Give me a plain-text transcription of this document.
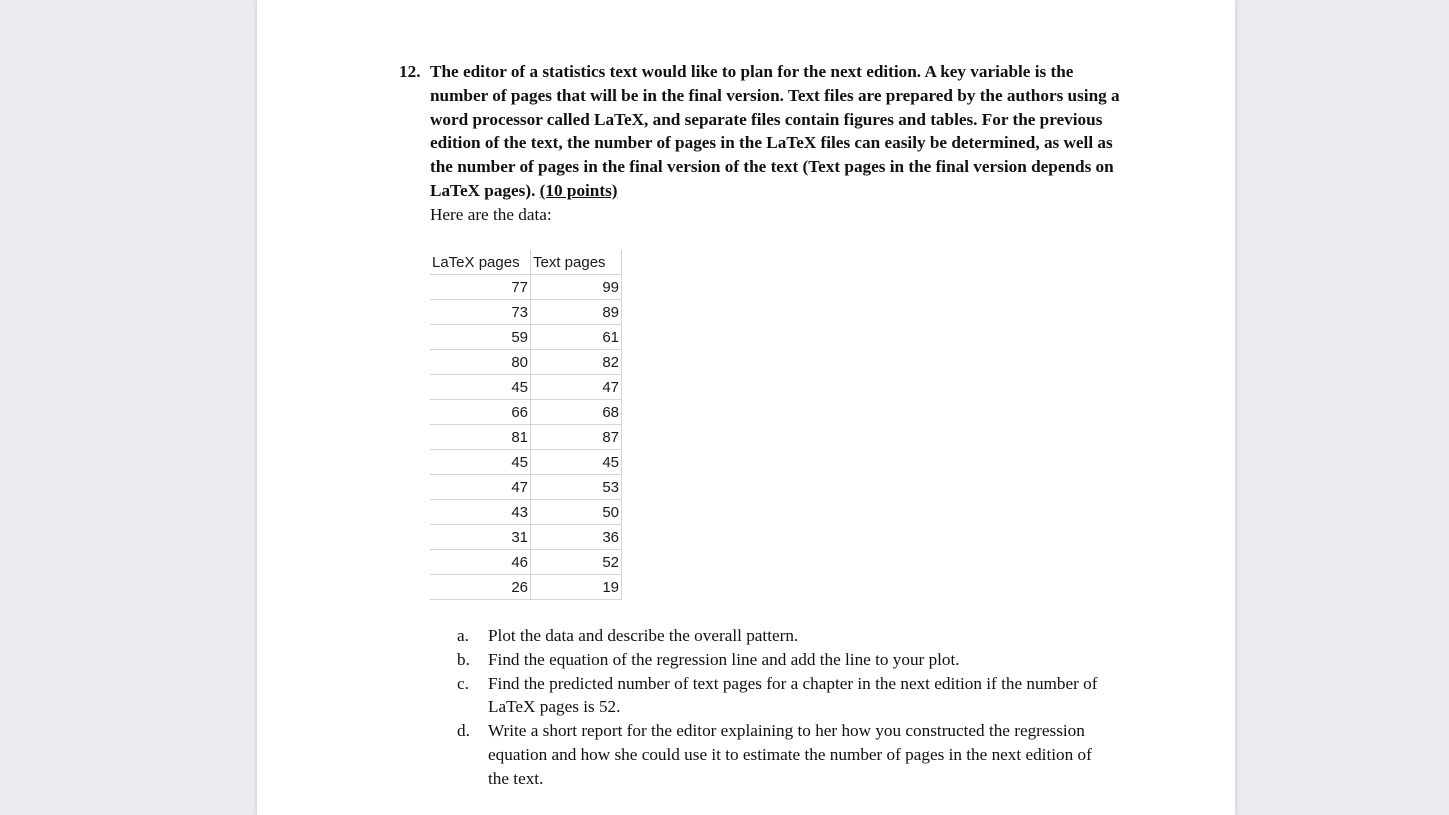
12. The editor of a statistics text would like to plan for the next edition. A key variable is the number of pages that will be in the final version. Text files are prepared by the authors using a word processor called LaTeX, and separate files contain figures and tables. For the previous edition of the text, the number of pages in the LaTeX files can easily be determined, as well as the number of pages in the final version of the text (Text pages in the final version depends on LaTeX pages). (10 points)
Here are the data:
LaTeX pages	Text pages
77	99
73	89
59	61
80	82
45	47
66	68
81	87
45	45
47	53
43	50
31	36
46	52
26	19
a. Plot the data and describe the overall pattern.
b. Find the equation of the regression line and add the line to your plot.
c. Find the predicted number of text pages for a chapter in the next edition if the number of LaTeX pages is 52.
d. Write a short report for the editor explaining to her how you constructed the regression equation and how she could use it to estimate the number of pages in the next edition of the text.
